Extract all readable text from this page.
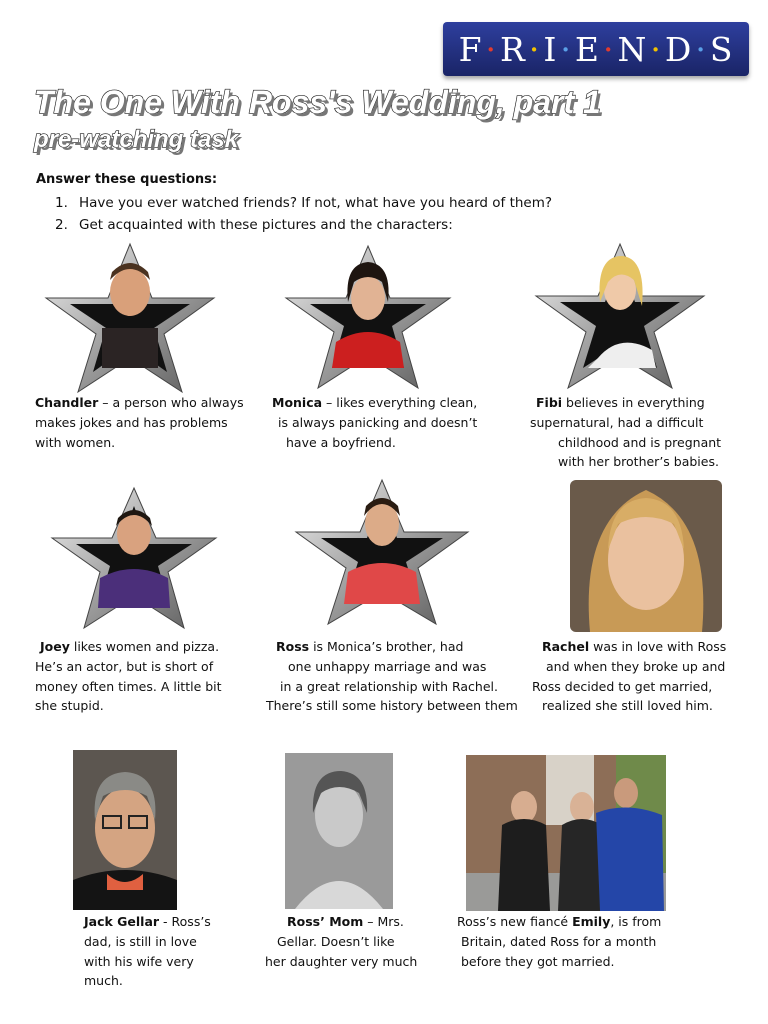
F·R·I·E·N·D·S
The One With Ross's Wedding, part 1
pre-watching task
Answer these questions:
1. Have you ever watched friends? If not, what have you heard of them?
2. Get acquainted with these pictures and the characters:
Chandler – a person who always
makes jokes and has problems
with women.
Monica – likes everything clean,
is always panicking and doesn’t
have a boyfriend.
Fibi believes in everything
supernatural, had a difficult
childhood and is pregnant
with her brother’s babies.
Joey likes women and pizza.
He’s an actor, but is short of
money often times. A little bit
she stupid.
Ross is Monica’s brother, had
one unhappy marriage and was
in a great relationship with Rachel.
There’s still some history between them
Rachel was in love with Ross
and when they broke up and
Ross decided to get married,
realized she still loved him.
Jack Gellar - Ross’s
dad, is still in love
with his wife very
much.
Ross’ Mom – Mrs.
Gellar. Doesn’t like
her daughter very much
Ross’s new fiancé Emily, is from
Britain, dated Ross for a month
before they got married.
